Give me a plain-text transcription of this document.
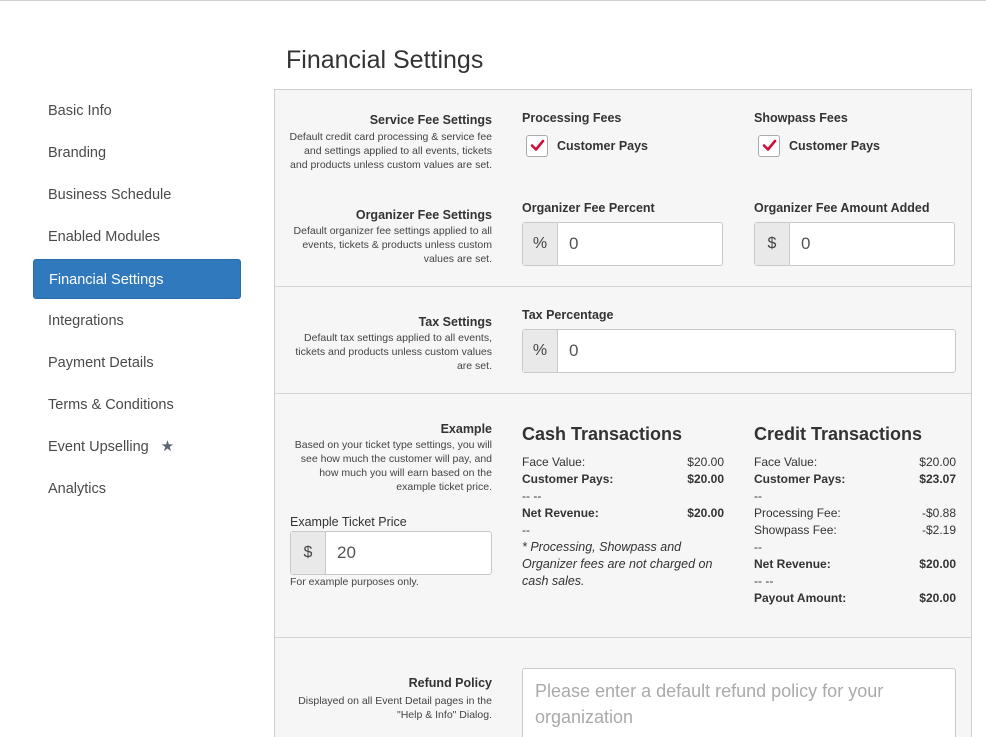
Basic Info
Branding
Business Schedule
Enabled Modules
Financial Settings
Integrations
Payment Details
Terms & Conditions
Event Upselling ★
Analytics
Financial Settings
Service Fee Settings
Default credit card processing & service fee and settings applied to all events, tickets and products unless custom values are set.
Processing Fees
Customer Pays
Showpass Fees
Customer Pays
Organizer Fee Settings
Default organizer fee settings applied to all events, tickets & products unless custom values are set.
Organizer Fee Percent
%	0
Organizer Fee Amount Added
$	0
Tax Settings
Default tax settings applied to all events, tickets and products unless custom values are set.
Tax Percentage
%	0
Example
Based on your ticket type settings, you will see how much the customer will pay, and how much you will earn based on the example ticket price.
Example Ticket Price
$	20
For example purposes only.
Cash Transactions
Face Value:	$20.00
Customer Pays:	$20.00
-- --
Net Revenue:	$20.00
--
* Processing, Showpass and Organizer fees are not charged on cash sales.
Credit Transactions
Face Value:	$20.00
Customer Pays:	$23.07
--
Processing Fee:	-$0.88
Showpass Fee:	-$2.19
--
Net Revenue:	$20.00
-- --
Payout Amount:	$20.00
Refund Policy
Displayed on all Event Detail pages in the "Help & Info" Dialog.
Please enter a default refund policy for your organization
